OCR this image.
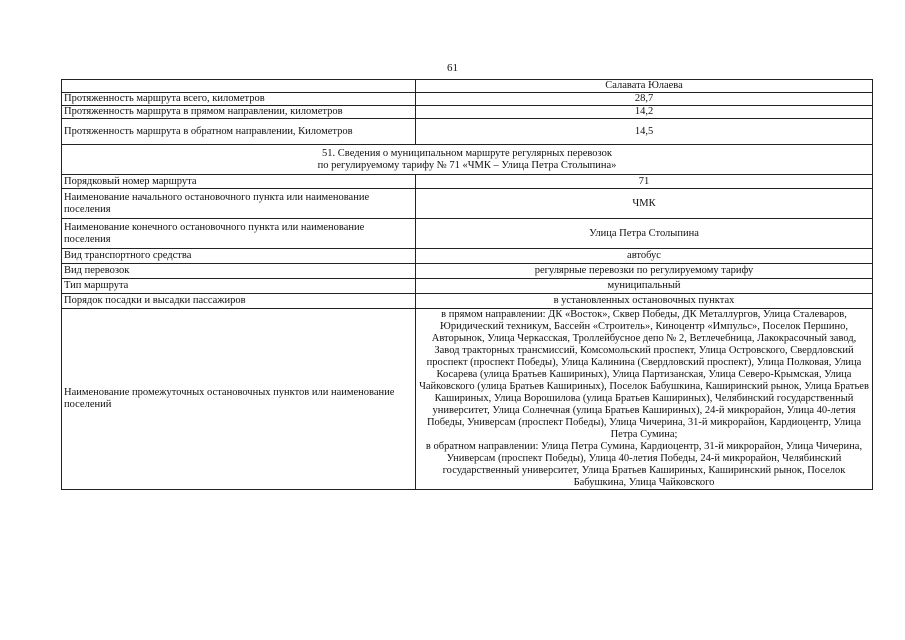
61
	Салавата Юлаева
Протяженность маршрута всего, километров	28,7
Протяженность маршрута в прямом направлении, километров	14,2
Протяженность маршрута в обратном направлении, Километров	14,5

51. Сведения о муниципальном маршруте регулярных перевозок
по регулируемому тарифу № 71 «ЧМК – Улица Петра Столыпина»	

Порядковый номер маршрута	71
Наименование начального остановочного пункта или наименование поселения	ЧМК
Наименование конечного остановочного пункта или наименование поселения	Улица Петра Столыпина
Вид транспортного средства	автобус
Вид перевозок	регулярные перевозки по регулируемому тарифу
Тип маршрута	муниципальный
Порядок посадки и высадки пассажиров	в установленных остановочных пунктах
Наименование промежуточных остановочных пунктов или наименование поселений	в прямом направлении: ДК «Восток», Сквер Победы, ДК Металлургов, Улица Сталеваров, Юридический техникум, Бассейн «Строитель», Киноцентр «Импульс», Поселок Першино, Авторынок, Улица Черкасская, Троллейбусное депо № 2, Ветлечебница, Лакокрасочный завод, Завод тракторных трансмиссий, Комсомольский проспект, Улица Островского, Свердловский проспект (проспект Победы), Улица Калинина (Свердловский проспект), Улица Полковая, Улица Косарева (улица Братьев Кашириных), Улица Партизанская, Улица Северо-Крымская, Улица Чайковского (улица Братьев Кашириных), Поселок Бабушкина, Каширинский рынок, Улица Братьев Кашириных, Улица Ворошилова (улица Братьев Кашириных), Челябинский государственный университет, Улица Солнечная (улица Братьев Кашириных), 24-й микрорайон, Улица 40-летия Победы, Универсам (проспект Победы), Улица Чичерина, 31-й микрорайон, Кардиоцентр, Улица Петра Сумина;
в обратном направлении: Улица Петра Сумина, Кардиоцентр, 31-й микрорайон, Улица Чичерина, Универсам (проспект Победы), Улица 40-летия Победы, 24-й микрорайон, Челябинский государственный университет, Улица Братьев Кашириных, Каширинский рынок, Поселок Бабушкина, Улица Чайковского
